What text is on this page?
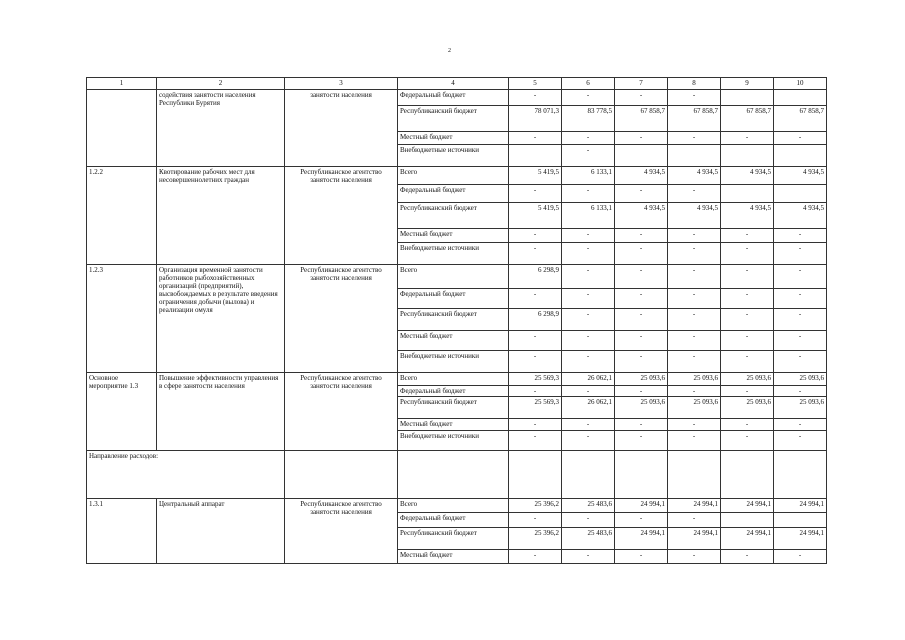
2
1	2	3	4	5	6	7	8	9	10
	содействия занятости населения Республики Бурятия	занятости населения	Федеральный бюджет	-	-	-	-		
			Республиканский бюджет	78 071,3	83 778,5	67 858,7	67 858,7	67 858,7	67 858,7
			Местный бюджет	-	-	-	-	-	-
			Внебюджетные источники		-				
1.2.2	Квотирование рабочих мест для несовершеннолетних граждан	Республиканское агентство занятости населения	Всего	5 419,5	6 133,1	4 934,5	4 934,5	4 934,5	4 934,5
			Федеральный бюджет	-	-	-	-		
			Республиканский бюджет	5 419,5	6 133,1	4 934,5	4 934,5	4 934,5	4 934,5
			Местный бюджет	-	-	-	-	-	-
			Внебюджетные источники	-	-	-	-	-	-
1.2.3	Организация временной занятости работников рыбохозяйственных организаций (предприятий), высвобождаемых в результате введения ограничения добычи (вылова) и реализации омуля	Республиканское агентство занятости населения	Всего	6 298,9	-	-	-	-	-
			Федеральный бюджет	-	-	-	-	-	-
			Республиканский бюджет	6 298,9	-	-	-	-	-
			Местный бюджет	-	-	-	-	-	-
			Внебюджетные источники	-	-	-	-	-	-
Основное мероприятие 1.3	Повышение эффективности управления в сфере занятости населения	Республиканское агентство занятости населения	Всего	25 569,3	26 062,1	25 093,6	25 093,6	25 093,6	25 093,6
			Федеральный бюджет	-	-	-	-	-	-
			Республиканский бюджет	25 569,3	26 062,1	25 093,6	25 093,6	25 093,6	25 093,6
			Местный бюджет	-	-	-	-	-	-
			Внебюджетные источники	-	-	-	-	-	-
Направление расходов:									
1.3.1	Центральный аппарат	Республиканское агентство занятости населения	Всего	25 396,2	25 483,6	24 994,1	24 994,1	24 994,1	24 994,1
			Федеральный бюджет	-	-	-	-		
			Республиканский бюджет	25 396,2	25 483,6	24 994,1	24 994,1	24 994,1	24 994,1
			Местный бюджет	-	-	-	-	-	-
